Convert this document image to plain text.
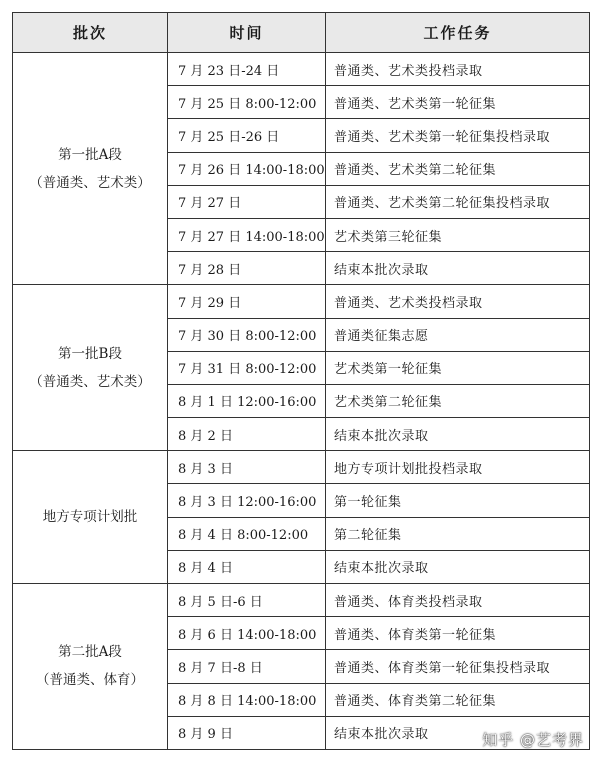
批次	时间	工作任务

第一批A段
（普通类、艺术类）	7 月 23 日-24 日	普通类、艺术类投档录取
	7 月 25 日 8:00-12:00	普通类、艺术类第一轮征集
	7 月 25 日-26 日	普通类、艺术类第一轮征集投档录取
	7 月 26 日 14:00-18:00	普通类、艺术类第二轮征集
	7 月 27 日	普通类、艺术类第二轮征集投档录取
	7 月 27 日 14:00-18:00	艺术类第三轮征集
	7 月 28 日	结束本批次录取

第一批B段
（普通类、艺术类）	7 月 29 日	普通类、艺术类投档录取
	7 月 30 日 8:00-12:00	普通类征集志愿
	7 月 31 日 8:00-12:00	艺术类第一轮征集
	8 月 1 日 12:00-16:00	艺术类第二轮征集
	8 月 2 日	结束本批次录取

地方专项计划批	8 月 3 日	地方专项计划批投档录取
	8 月 3 日 12:00-16:00	第一轮征集
	8 月 4 日 8:00-12:00	第二轮征集
	8 月 4 日	结束本批次录取

第二批A段
（普通类、体育）	8 月 5 日-6 日	普通类、体育类投档录取
	8 月 6 日 14:00-18:00	普通类、体育类第一轮征集
	8 月 7 日-8 日	普通类、体育类第一轮征集投档录取
	8 月 8 日 14:00-18:00	普通类、体育类第二轮征集
	8 月 9 日	结束本批次录取	知乎 @艺考界
